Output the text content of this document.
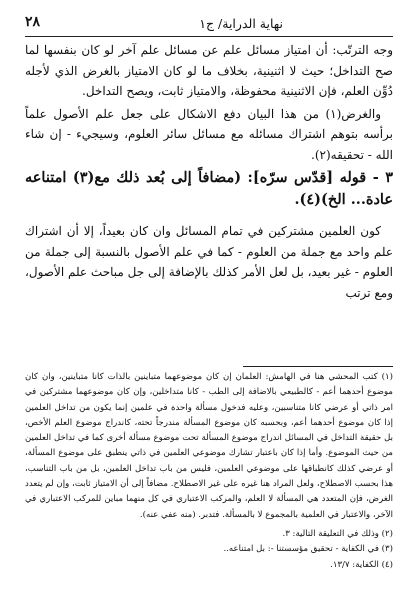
نهاية الدراية/ ج١
٢٨

وجه الترتّب: أن امتياز مسائل علم عن مسائل علم آخر لو كان بنفسها لما صح التداخل؛ حيث لا اثنينية، بخلاف ما لو كان الامتياز بالغرض الذي لأجله دُوِّن العلم، فإن الاثنينية محفوظة، والامتياز ثابت، ويصح التداخل.

والغرض(١) من هذا البيان دفع الاشكال على جعل علم الأصول علماً برأسه بتوهم اشتراك مسائله مع مسائل سائر العلوم، وسيجيء - إن شاء الله - تحقيقه(٢).

٣ - قوله [قدّس سرّه]: (مضافاً إلى بُعد ذلك مع(٣) امتناعه عادة... الخ)(٤).

كون العلمين مشتركين في تمام المسائل وان كان بعيداً، إلا أن اشتراك علم واحد مع جملة من العلوم - كما في علم الأصول بالنسبة إلى جملة من العلوم - غير بعيد، بل لعل الأمر كذلك بالإضافة إلى جل مباحث علم الأصول، ومع ترتب

(١) كتب المحشي هنا في الهامش: العلمان إن كان موضوعهما متباينين بالذات كانا متباينين، وان كان موضوع أحدهما أعم - كالطبيعي بالاضافة إلى الطب - كانا متداخلين، وإن كان موضوعهما مشتركين في امر ذاتي أو عرضي كانا متناسبين، وعليه فدخول مسألة واحدة في علمين إنما يكون من تداخل العلمين إذا كان موضوع أحدهما أعم، وبحسبه كان موضوع المسألة مندرجاً تحته، كاندراج موضوع العلم الأخص، بل حقيقة التداخل في المسائل اندراج موضوع المسألة تحت موضوع مسألة أخرى كما في تداخل العلمين من حيث الموضوع. وأما إذا كان باعتبار تشارك موضوعي العلمين في ذاتي ينطبق على موضوع المسألة، أو عرضي كذلك كانطباقها على موضوعي العلمين، فليس من باب تداخل العلمين، بل من باب التناسب، هذا بحسب الاصطلاح، ولعل المراد هنا غيره على غير الاصطلاح. مضافاً إلى أن الامتياز ثابت، وإن لم يتعدد الغرض، فإن المتعدد هي المسألة لا العلم، والمركب الاعتباري في كل منهما مباين للمركب الاعتباري في الآخر، والاعتبار في العلمية بالمجموع لا بالمسألة. فتدبر. (منه عفي عنه).

(٢) وذلك في التعليقة التالية: ٣.

(٣) في الكفاية - تحقيق مؤسستنا -: بل امتناعه..

(٤) الكفاية: ١٣/٧.
